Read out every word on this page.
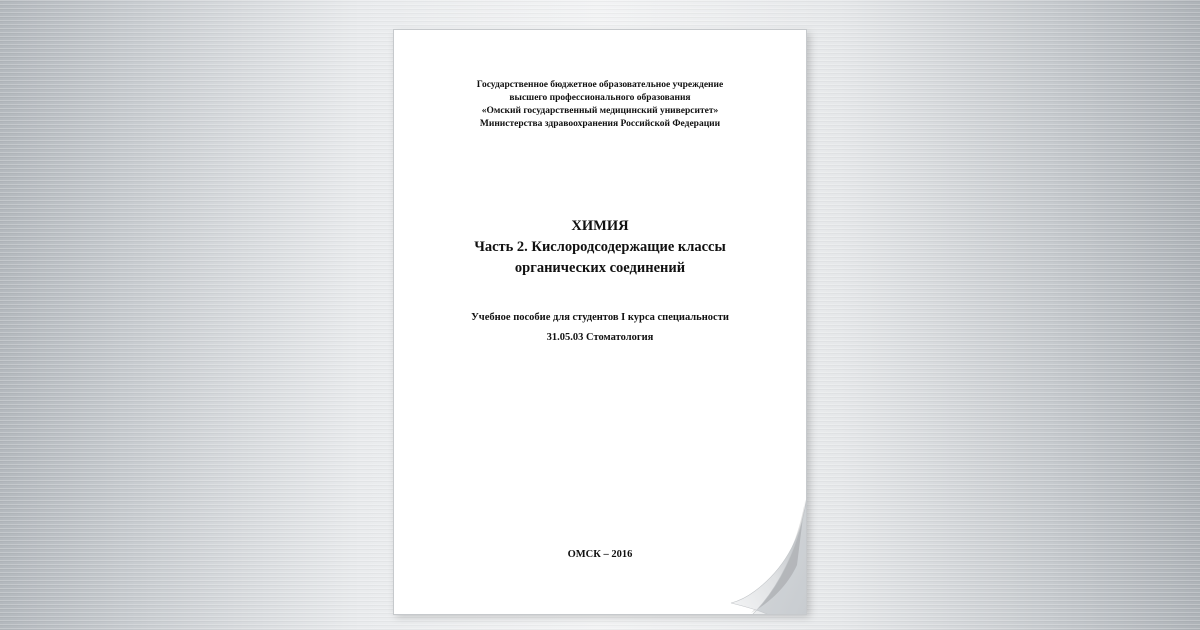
Государственное бюджетное образовательное учреждение
высшего профессионального образования
«Омский государственный медицинский университет»
Министерства здравоохранения Российской Федерации
ХИМИЯ
Часть 2. Кислородсодержащие классы
органических соединений
Учебное пособие для студентов I курса специальности
31.05.03 Стоматология
ОМСК – 2016
